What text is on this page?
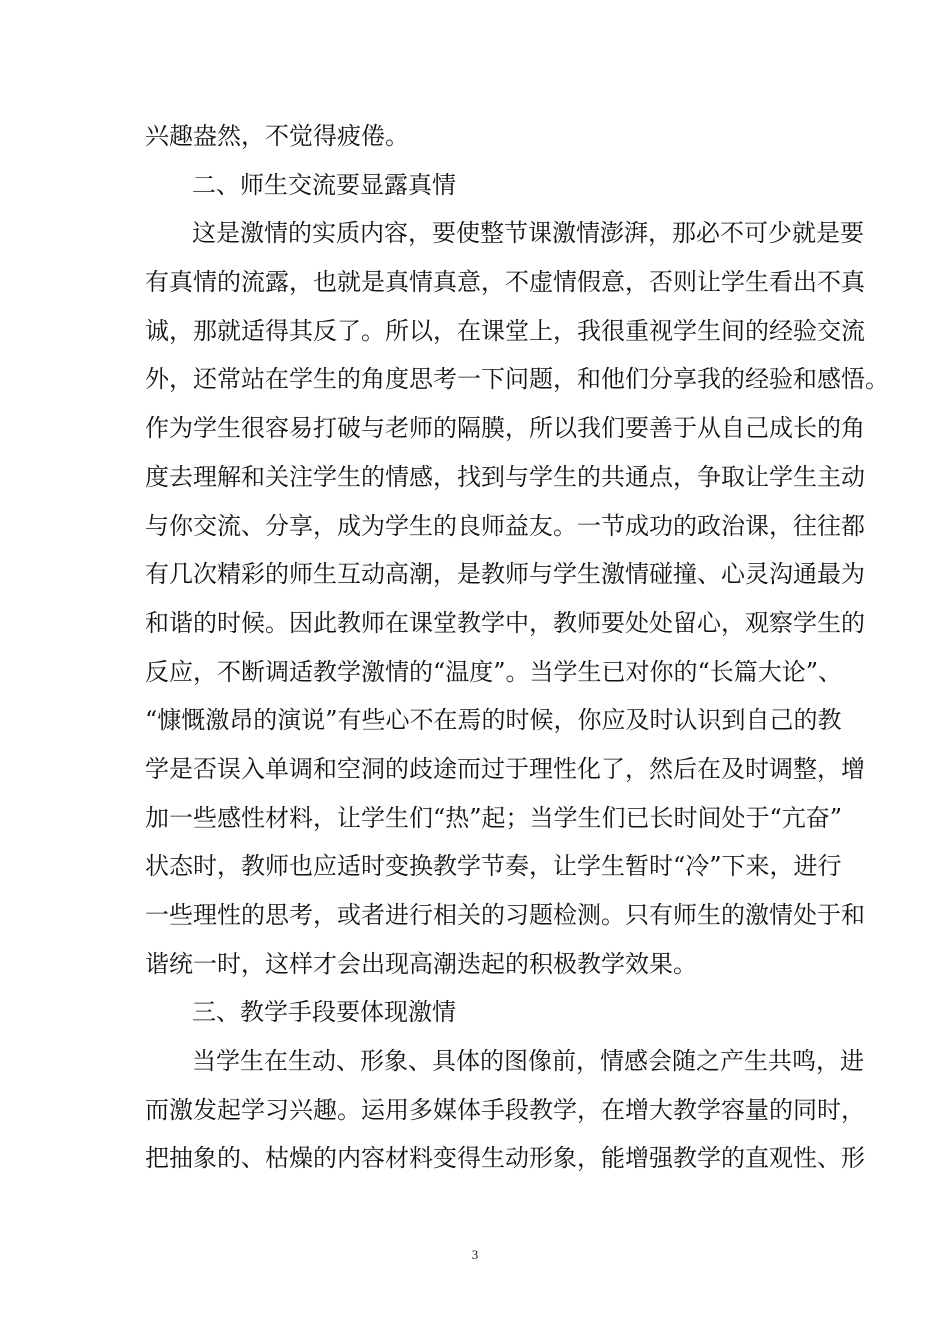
兴趣盎然，不觉得疲倦。
二、师生交流要显露真情
这是激情的实质内容，要使整节课激情澎湃，那必不可少就是要
有真情的流露，也就是真情真意，不虚情假意，否则让学生看出不真
诚，那就适得其反了。所以，在课堂上，我很重视学生间的经验交流
外，还常站在学生的角度思考一下问题，和他们分享我的经验和感悟。
作为学生很容易打破与老师的隔膜，所以我们要善于从自己成长的角
度去理解和关注学生的情感，找到与学生的共通点，争取让学生主动
与你交流、分享，成为学生的良师益友。一节成功的政治课，往往都
有几次精彩的师生互动高潮，是教师与学生激情碰撞、心灵沟通最为
和谐的时候。因此教师在课堂教学中，教师要处处留心，观察学生的
反应，不断调适教学激情的“温度”。当学生已对你的“长篇大论”、
“慷慨激昂的演说”有些心不在焉的时候，你应及时认识到自己的教
学是否误入单调和空洞的歧途而过于理性化了，然后在及时调整，增
加一些感性材料，让学生们“热”起；当学生们已长时间处于“亢奋”
状态时，教师也应适时变换教学节奏，让学生暂时“冷”下来，进行
一些理性的思考，或者进行相关的习题检测。只有师生的激情处于和
谐统一时，这样才会出现高潮迭起的积极教学效果。
三、教学手段要体现激情
当学生在生动、形象、具体的图像前，情感会随之产生共鸣，进
而激发起学习兴趣。运用多媒体手段教学，在增大教学容量的同时，
把抽象的、枯燥的内容材料变得生动形象，能增强教学的直观性、形
3
